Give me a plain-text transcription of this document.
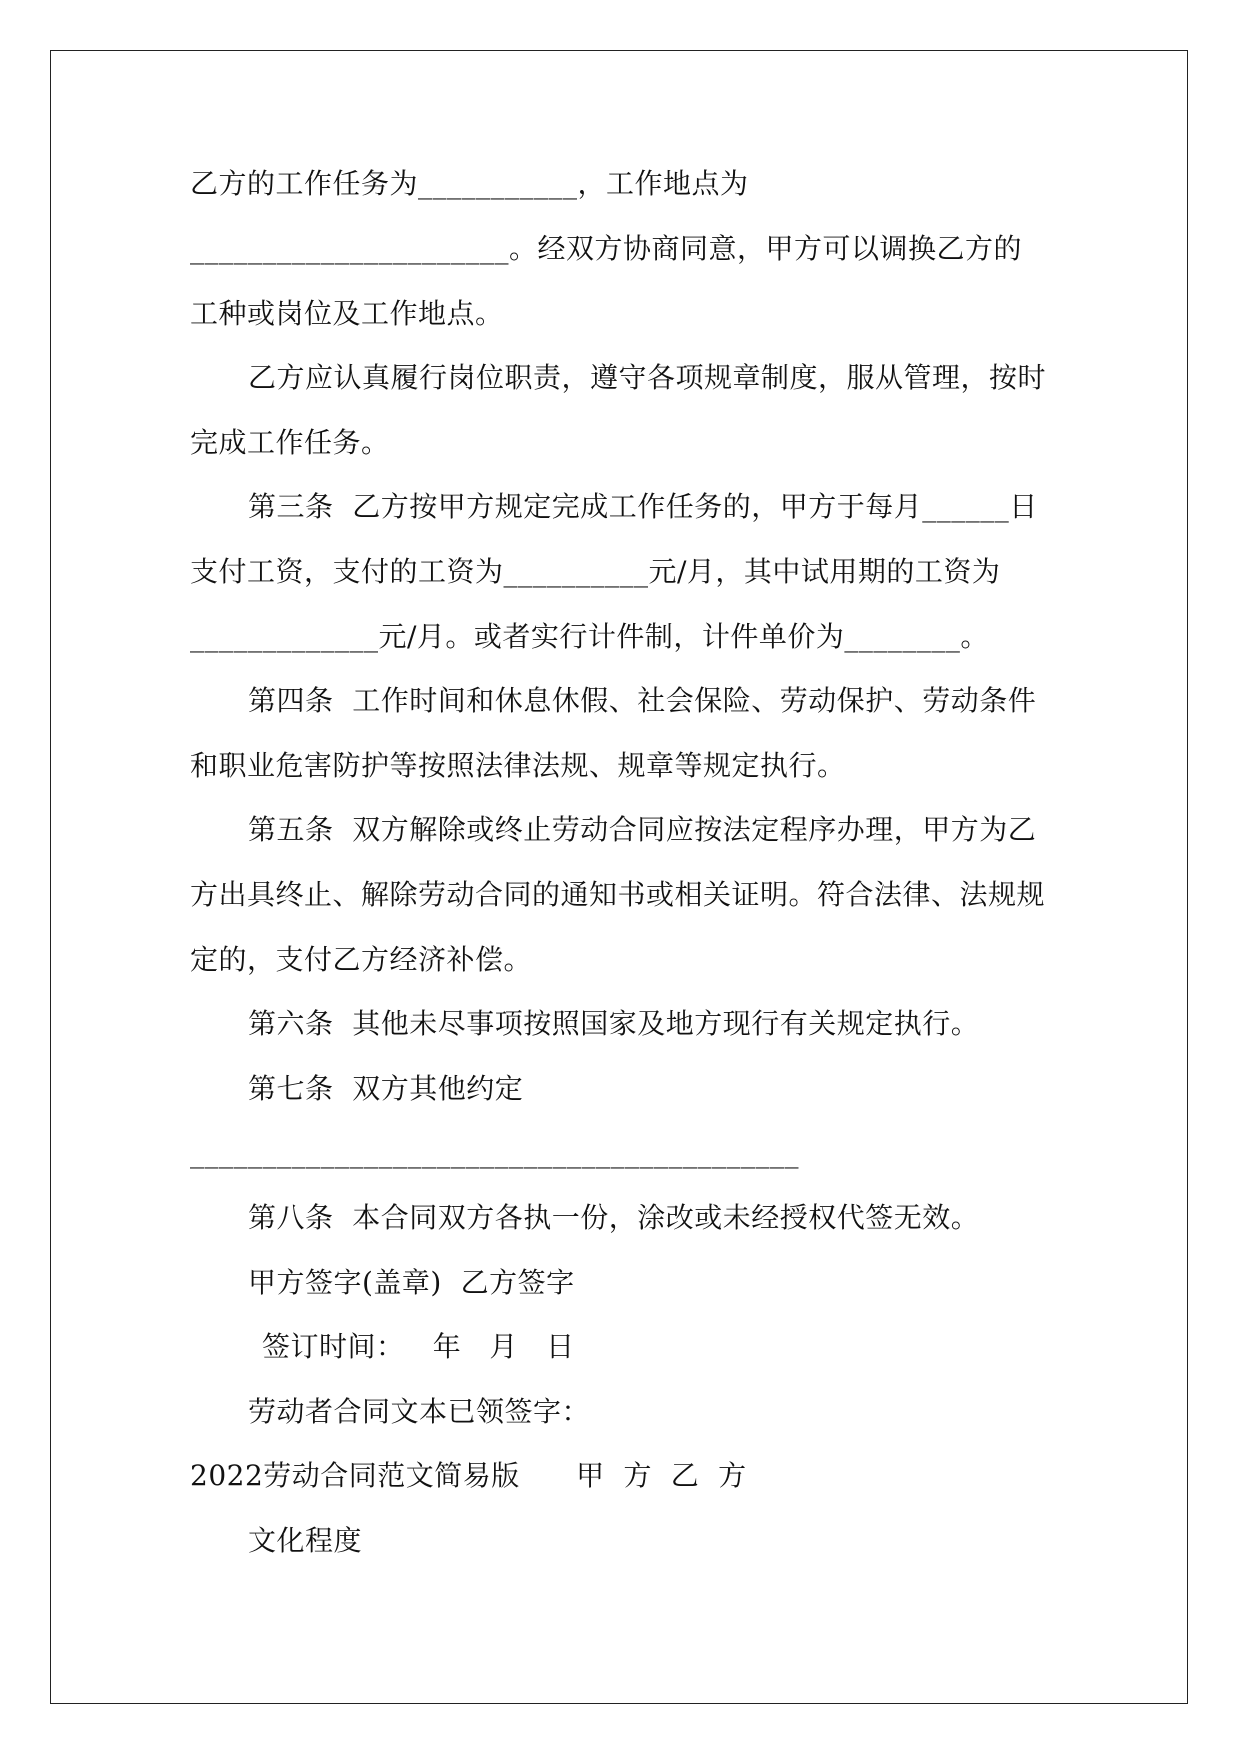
乙方的工作任务为___________，工作地点为
______________________。经双方协商同意，甲方可以调换乙方的
工种或岗位及工作地点。
乙方应认真履行岗位职责，遵守各项规章制度，服从管理，按时
完成工作任务。
第三条  乙方按甲方规定完成工作任务的，甲方于每月______日
支付工资，支付的工资为__________元/月，其中试用期的工资为
_____________元/月。或者实行计件制，计件单价为________。
第四条  工作时间和休息休假、社会保险、劳动保护、劳动条件
和职业危害防护等按照法律法规、规章等规定执行。
第五条  双方解除或终止劳动合同应按法定程序办理，甲方为乙
方出具终止、解除劳动合同的通知书或相关证明。符合法律、法规规
定的，支付乙方经济补偿。
第六条  其他未尽事项按照国家及地方现行有关规定执行。
第七条  双方其他约定
__________________________________________
第八条  本合同双方各执一份，涂改或未经授权代签无效。
甲方签字(盖章)  乙方签字
签订时间：   年   月   日
劳动者合同文本已领签字：
2022劳动合同范文简易版      甲  方  乙  方
文化程度
